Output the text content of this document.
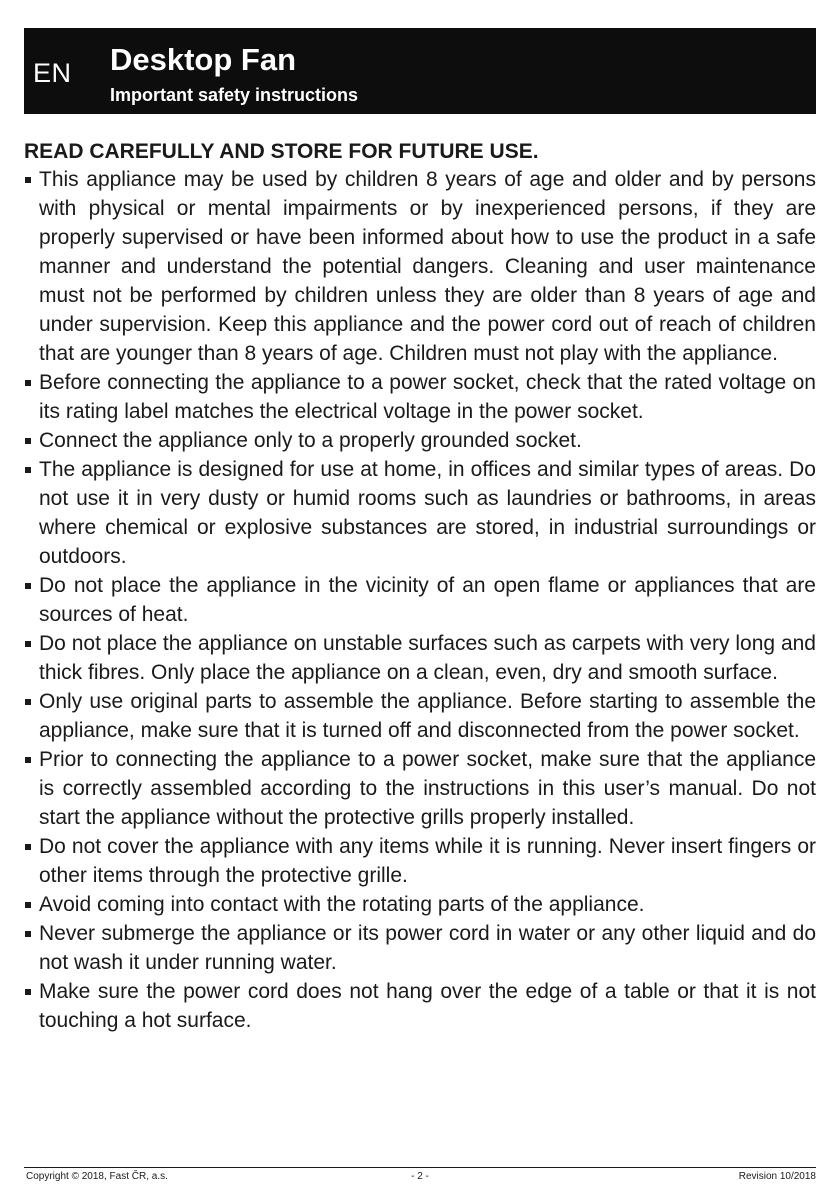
EN Desktop Fan
Important safety instructions
READ CAREFULLY AND STORE FOR FUTURE USE.
This appliance may be used by children 8 years of age and older and by persons with physical or mental impairments or by inexperienced persons, if they are properly supervised or have been informed about how to use the product in a safe manner and understand the potential dangers. Cleaning and user maintenance must not be performed by children unless they are older than 8 years of age and under supervision. Keep this appliance and the power cord out of reach of children that are younger than 8 years of age. Children must not play with the appliance.
Before connecting the appliance to a power socket, check that the rated voltage on its rating label matches the electrical voltage in the power socket.
Connect the appliance only to a properly grounded socket.
The appliance is designed for use at home, in offices and similar types of areas. Do not use it in very dusty or humid rooms such as laundries or bathrooms, in areas where chemical or explosive substances are stored, in industrial surroundings or outdoors.
Do not place the appliance in the vicinity of an open flame or appliances that are sources of heat.
Do not place the appliance on unstable surfaces such as carpets with very long and thick fibres. Only place the appliance on a clean, even, dry and smooth surface.
Only use original parts to assemble the appliance. Before starting to assemble the appliance, make sure that it is turned off and disconnected from the power socket.
Prior to connecting the appliance to a power socket, make sure that the appliance is correctly assembled according to the instructions in this user’s manual. Do not start the appliance without the protective grills properly installed.
Do not cover the appliance with any items while it is running. Never insert fingers or other items through the protective grille.
Avoid coming into contact with the rotating parts of the appliance.
Never submerge the appliance or its power cord in water or any other liquid and do not wash it under running water.
Make sure the power cord does not hang over the edge of a table or that it is not touching a hot surface.
Copyright © 2018, Fast ČR, a.s.	- 2 -	Revision 10/2018
